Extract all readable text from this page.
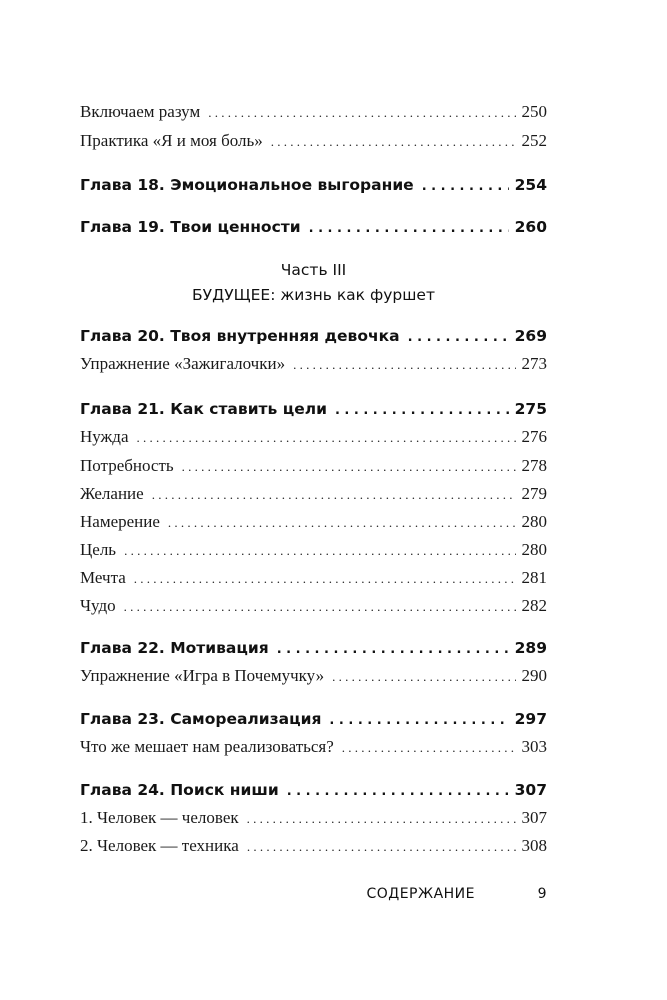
Включаем разум . . .	250
Практика «Я и моя боль» . . .	252
Глава 18. Эмоциональное выгорание . . .	254
Глава 19. Твои ценности . . .	260
Часть III
БУДУЩЕЕ: жизнь как фуршет
Глава 20. Твоя внутренняя девочка . . .	269
Упражнение «Зажигалочки» . . .	273
Глава 21. Как ставить цели . . .	275
Нужда . . .	276
Потребность . . .	278
Желание . . .	279
Намерение . . .	280
Цель . . .	280
Мечта . . .	281
Чудо . . .	282
Глава 22. Мотивация . . .	289
Упражнение «Игра в Почемучку» . . .	290
Глава 23. Самореализация . . .	297
Что же мешает нам реализоваться? . . .	303
Глава 24. Поиск ниши . . .	307
1. Человек — человек . . .	307
2. Человек — техника . . .	308
СОДЕРЖАНИЕ	9
